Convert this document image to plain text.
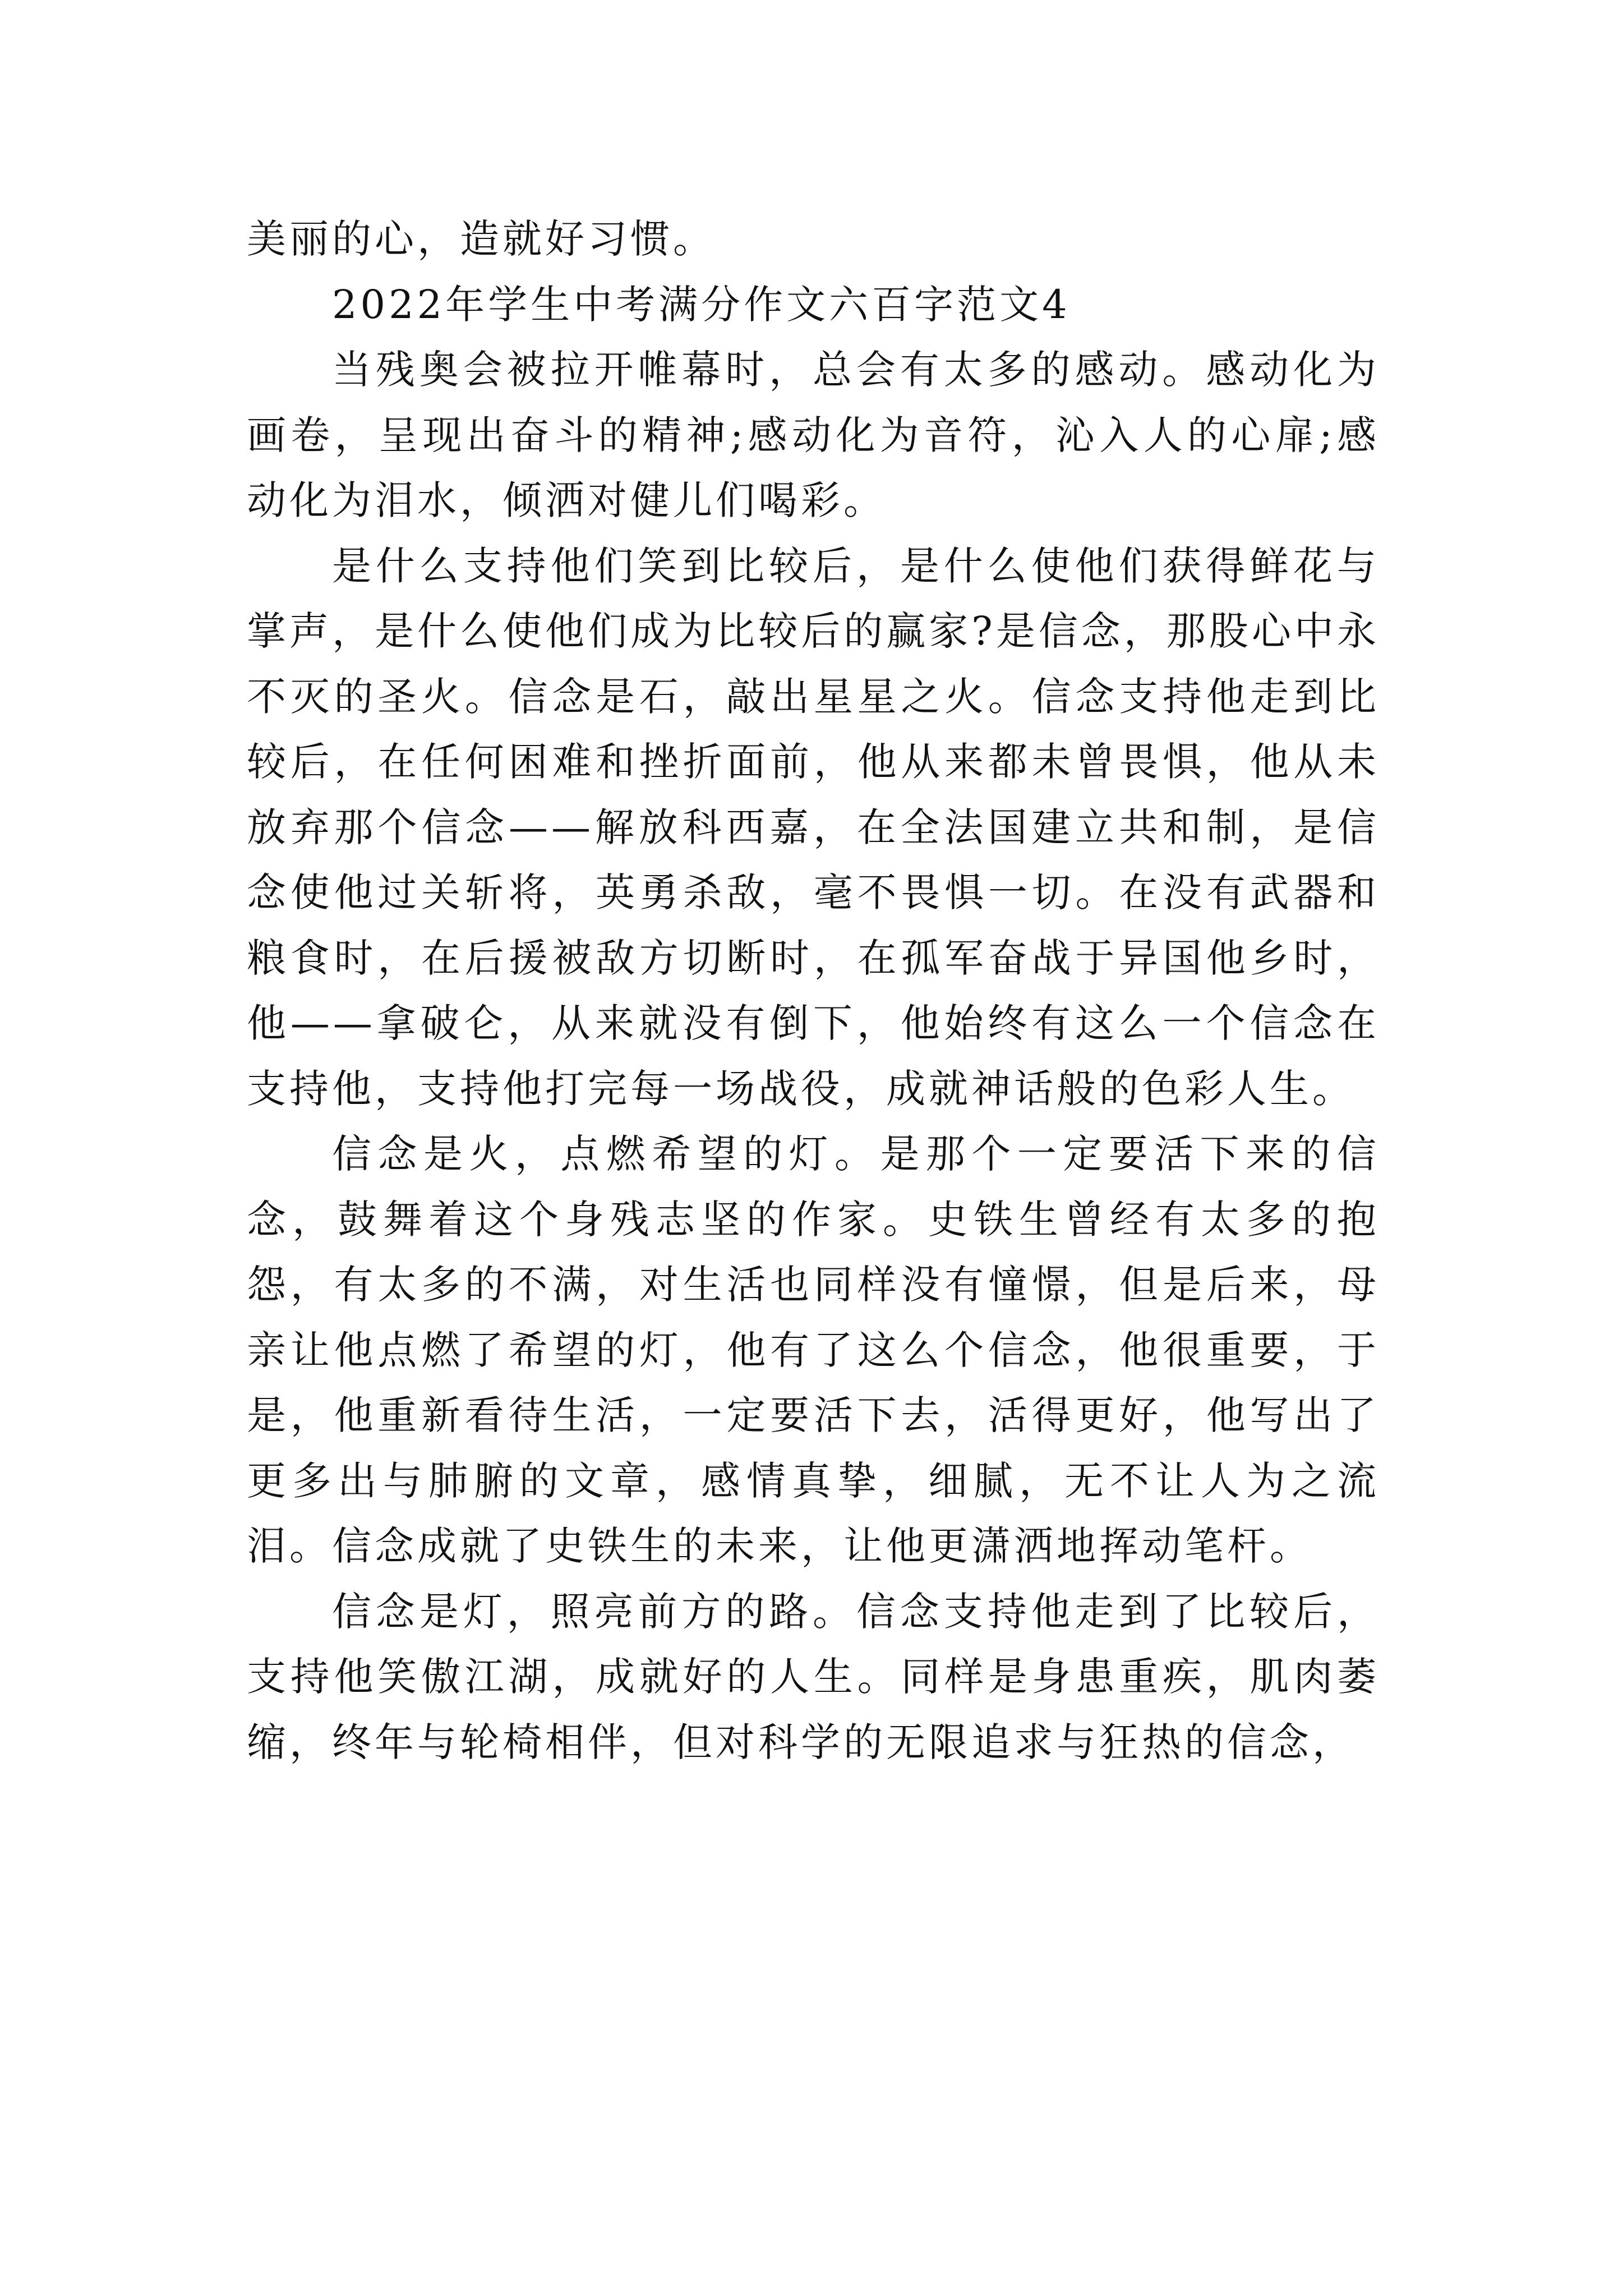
美丽的心，造就好习惯。

2022年学生中考满分作文六百字范文4

当残奥会被拉开帷幕时，总会有太多的感动。感动化为画卷，呈现出奋斗的精神;感动化为音符，沁入人的心扉;感动化为泪水，倾洒对健儿们喝彩。

是什么支持他们笑到比较后，是什么使他们获得鲜花与掌声，是什么使他们成为比较后的赢家?是信念，那股心中永不灭的圣火。信念是石，敲出星星之火。信念支持他走到比较后，在任何困难和挫折面前，他从来都未曾畏惧，他从未放弃那个信念——解放科西嘉，在全法国建立共和制，是信念使他过关斩将，英勇杀敌，毫不畏惧一切。在没有武器和粮食时，在后援被敌方切断时，在孤军奋战于异国他乡时，他——拿破仑，从来就没有倒下，他始终有这么一个信念在支持他，支持他打完每一场战役，成就神话般的色彩人生。

信念是火，点燃希望的灯。是那个一定要活下来的信念，鼓舞着这个身残志坚的作家。史铁生曾经有太多的抱怨，有太多的不满，对生活也同样没有憧憬，但是后来，母亲让他点燃了希望的灯，他有了这么个信念，他很重要，于是，他重新看待生活，一定要活下去，活得更好，他写出了更多出与肺腑的文章，感情真挚，细腻，无不让人为之流泪。信念成就了史铁生的未来，让他更潇洒地挥动笔杆。

信念是灯，照亮前方的路。信念支持他走到了比较后，支持他笑傲江湖，成就好的人生。同样是身患重疾，肌肉萎缩，终年与轮椅相伴，但对科学的无限追求与狂热的信念，
